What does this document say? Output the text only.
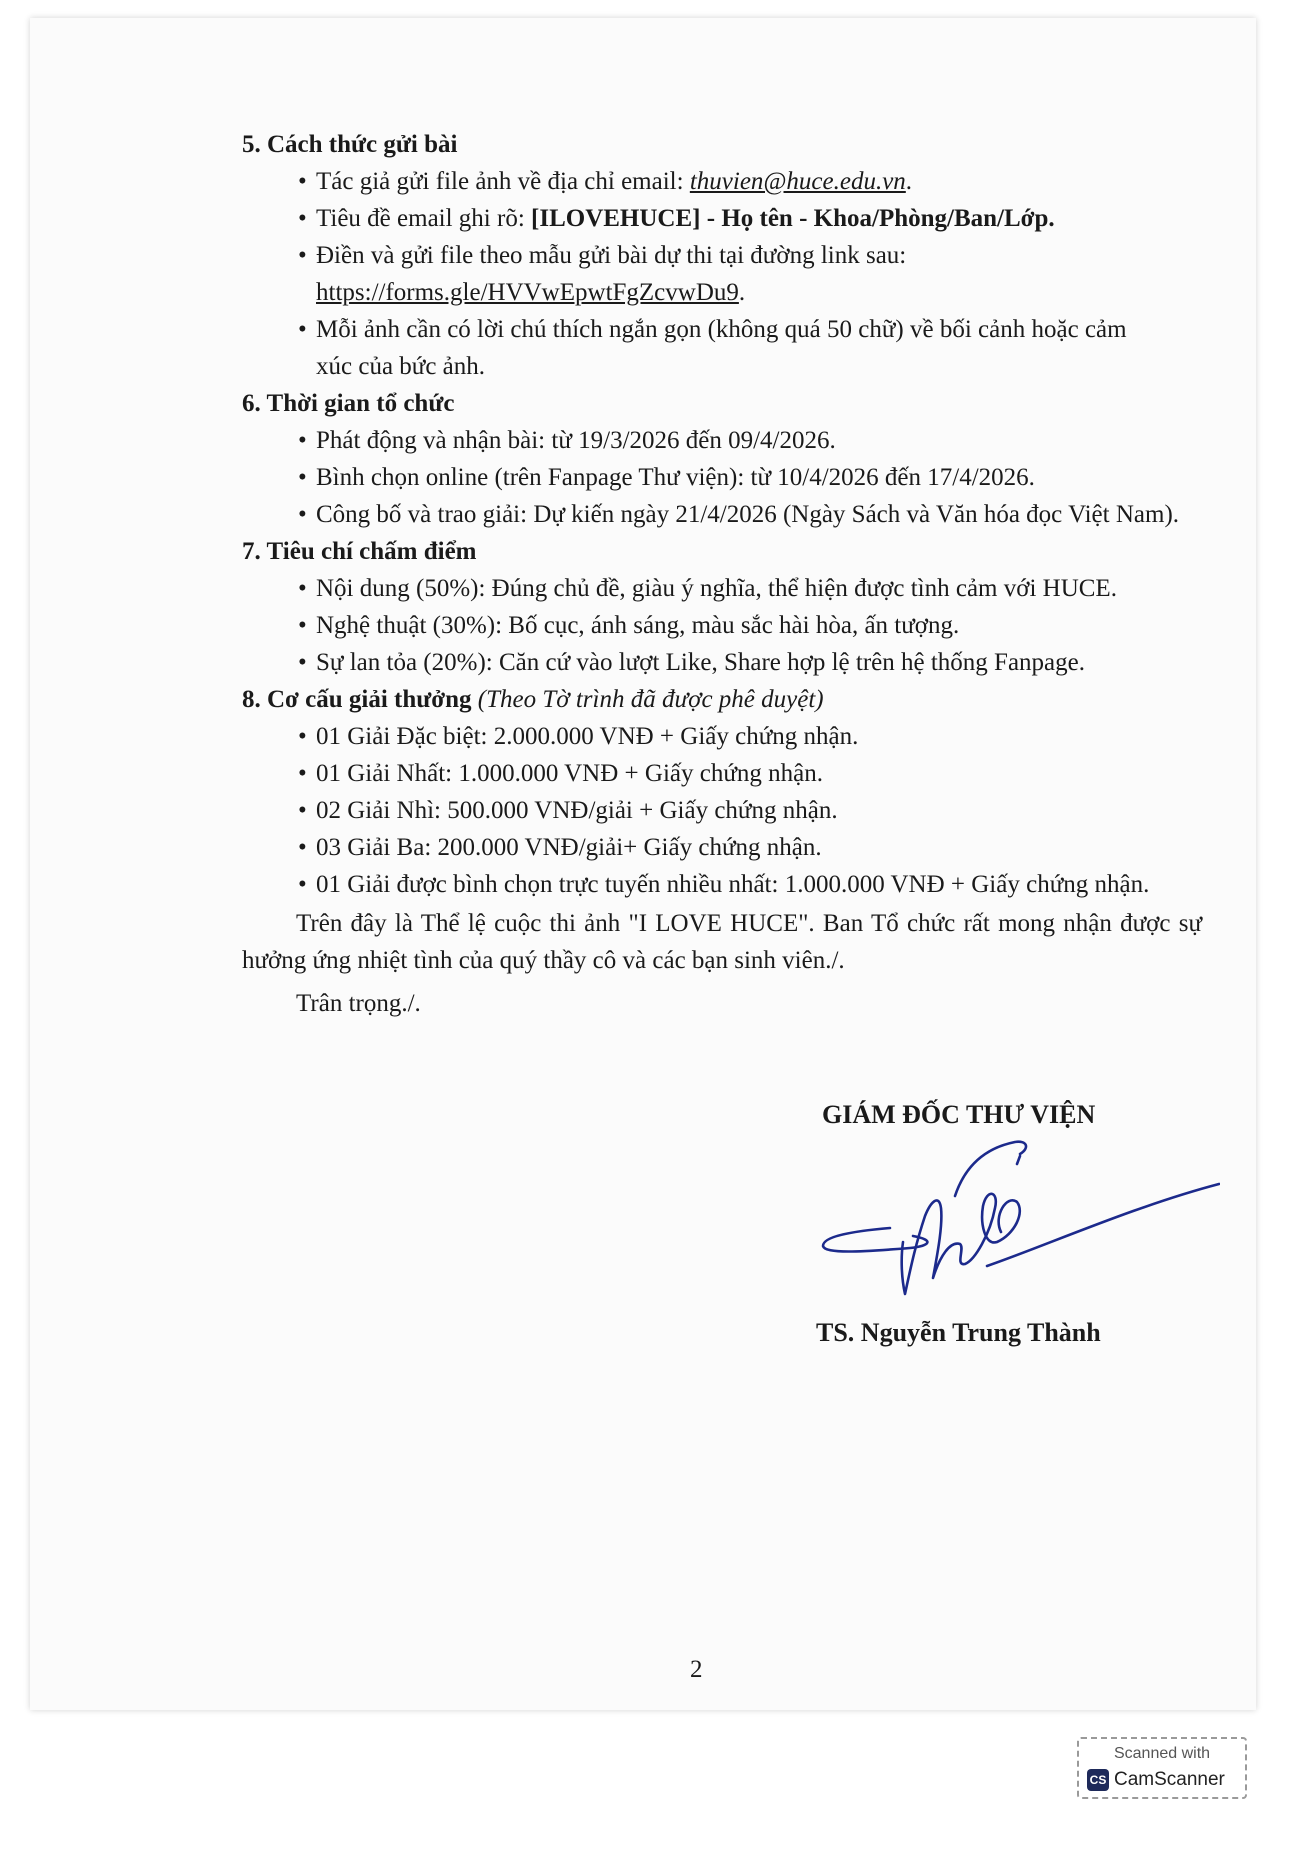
5. Cách thức gửi bài
• Tác giả gửi file ảnh về địa chỉ email: thuvien@huce.edu.vn.
• Tiêu đề email ghi rõ: [ILOVEHUCE] - Họ tên - Khoa/Phòng/Ban/Lớp.
• Điền và gửi file theo mẫu gửi bài dự thi tại đường link sau:
https://forms.gle/HVVwEpwtFgZcvwDu9.
• Mỗi ảnh cần có lời chú thích ngắn gọn (không quá 50 chữ) về bối cảnh hoặc cảm
xúc của bức ảnh.
6. Thời gian tổ chức
• Phát động và nhận bài: từ 19/3/2026 đến 09/4/2026.
• Bình chọn online (trên Fanpage Thư viện): từ 10/4/2026 đến 17/4/2026.
• Công bố và trao giải: Dự kiến ngày 21/4/2026 (Ngày Sách và Văn hóa đọc Việt Nam).
7. Tiêu chí chấm điểm
• Nội dung (50%): Đúng chủ đề, giàu ý nghĩa, thể hiện được tình cảm với HUCE.
• Nghệ thuật (30%): Bố cục, ánh sáng, màu sắc hài hòa, ấn tượng.
• Sự lan tỏa (20%): Căn cứ vào lượt Like, Share hợp lệ trên hệ thống Fanpage.
8. Cơ cấu giải thưởng (Theo Tờ trình đã được phê duyệt)
• 01 Giải Đặc biệt: 2.000.000 VNĐ + Giấy chứng nhận.
• 01 Giải Nhất: 1.000.000 VNĐ + Giấy chứng nhận.
• 02 Giải Nhì: 500.000 VNĐ/giải + Giấy chứng nhận.
• 03 Giải Ba: 200.000 VNĐ/giải+ Giấy chứng nhận.
• 01 Giải được bình chọn trực tuyến nhiều nhất: 1.000.000 VNĐ + Giấy chứng nhận.
Trên đây là Thể lệ cuộc thi ảnh "I LOVE HUCE". Ban Tổ chức rất mong nhận được sự hưởng ứng nhiệt tình của quý thầy cô và các bạn sinh viên./.
Trân trọng./.
GIÁM ĐỐC THƯ VIỆN
TS. Nguyễn Trung Thành
2
Scanned with
CS CamScanner
